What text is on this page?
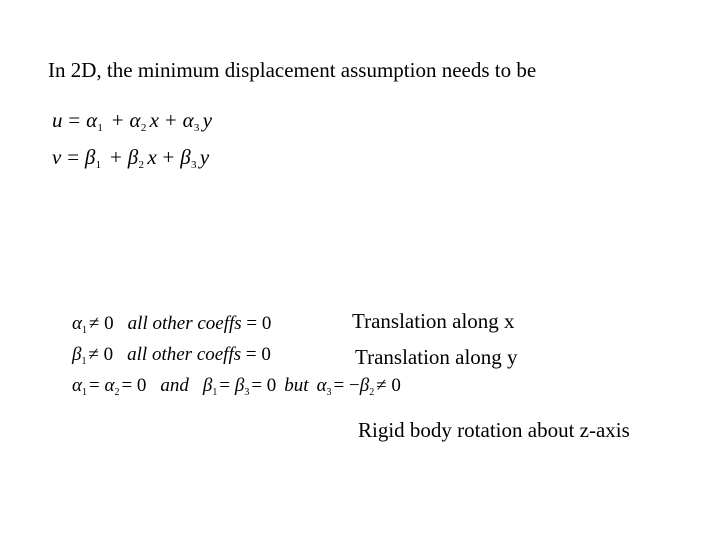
In 2D, the minimum displacement assumption needs to be
$u = \alpha_1 + \alpha_2$ $x + \alpha_3$ y
$v = \beta_1 + \beta_2$ $x + \beta_3$ y
$\alpha_1 \ne 0$ all other coeffs = 0	Translation along x
$\beta_1 \ne 0$ all other coeffs = 0	Translation along y
$\alpha_1 = \alpha_2 = 0$ and $\beta_1 = \beta_3 = 0$ but $\alpha_3 = -\beta_2 \ne 0$
Rigid body rotation about z-axis
